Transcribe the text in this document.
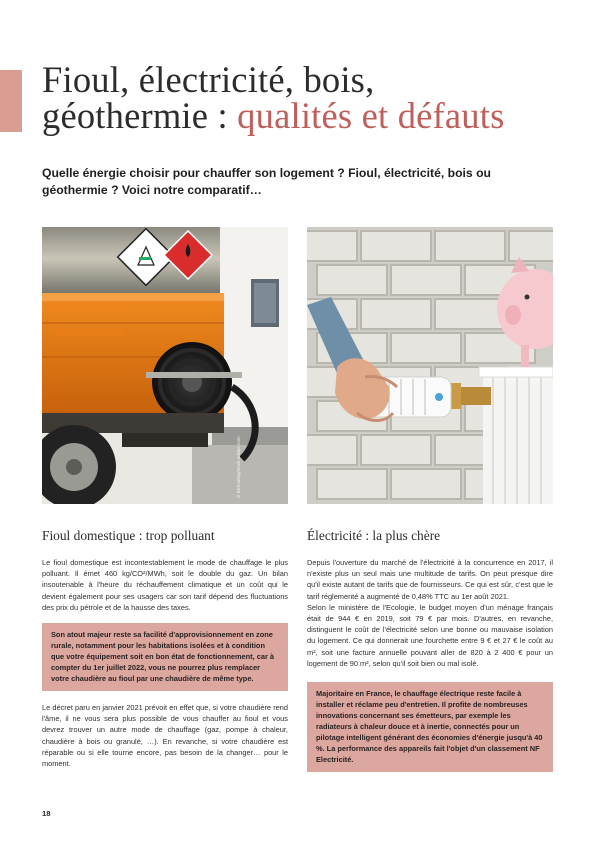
Fioul, électricité, bois,
géothermie : qualités et défauts

Quelle énergie choisir pour chauffer son logement ? Fioul, électricité, bois ou géothermie ? Voici notre comparatif…

© BEhosting/stock.adobe.com	© Atelier Pixpic - stock.adobe.com
Fioul domestique : trop polluant

Le fioul domestique est incontestablement le mode de chauffage le plus polluant. Il émet 460 kg/CO²/MWh, soit le double du gaz. Un bilan insoutenable à l'heure du réchauffement climatique et un coût qui le devient également pour ses usagers car son tarif dépend des fluctuations des prix du pétrole et de la hausse des taxes.

Son atout majeur reste sa facilité d'approvisionnement en zone rurale, notamment pour les habitations isolées et à condition que votre équipement soit en bon état de fonctionnement, car à compter du 1er juillet 2022, vous ne pourrez plus remplacer votre chaudière au fioul par une chaudière de même type.

Le décret paru en janvier 2021 prévoit en effet que, si votre chaudière rend l'âme, il ne vous sera plus possible de vous chauffer au fioul et vous devrez trouver un autre mode de chauffage (gaz, pompe à chaleur, chaudière à bois ou granulé, …). En revanche, si votre chaudière est réparable ou si elle tourne encore, pas besoin de la changer… pour le moment.

Électricité : la plus chère

Depuis l'ouverture du marché de l'électricité à la concurrence en 2017, il n'existe plus un seul mais une multitude de tarifs. On peut presque dire qu'il existe autant de tarifs que de fournisseurs. Ce qui est sûr, c'est que le tarif réglementé a augmenté de 0,48% TTC au 1er août 2021.

Selon le ministère de l'Ecologie, le budget moyen d'un ménage français était de 944 € en 2019, soit 79 € par mois. D'autres, en revanche, distinguent le coût de l'électricité selon une bonne ou mauvaise isolation du logement. Ce qui donnerait une fourchette entre 9 € et 27 € le coût au m², soit une facture annuelle pouvant aller de 820 à 2 400 € pour un logement de 90 m², selon qu'il soit bien ou mal isolé.

Majoritaire en France, le chauffage électrique reste facile à installer et réclame peu d'entretien. Il profite de nombreuses innovations concernant ses émetteurs, par exemple les radiateurs à chaleur douce et à inertie, connectés pour un pilotage intelligent générant des économies d'énergie jusqu'à 40 %. La performance des appareils fait l'objet d'un classement NF Electricité.

18
